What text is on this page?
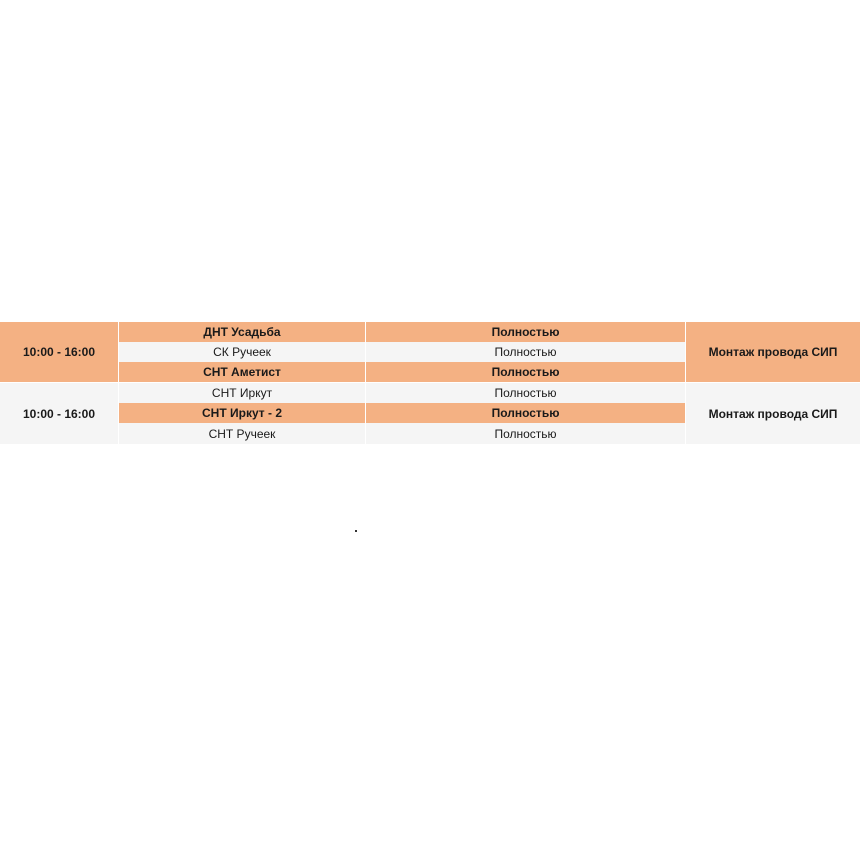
10:00 - 16:00
ДНТ Усадьба	Полностью
СК Ручеек	Полностью
СНТ Аметист	Полностью
Монтаж провода СИП
10:00 - 16:00
СНТ Иркут	Полностью
СНТ Иркут - 2	Полностью
СНТ Ручеек	Полностью
Монтаж провода СИП
